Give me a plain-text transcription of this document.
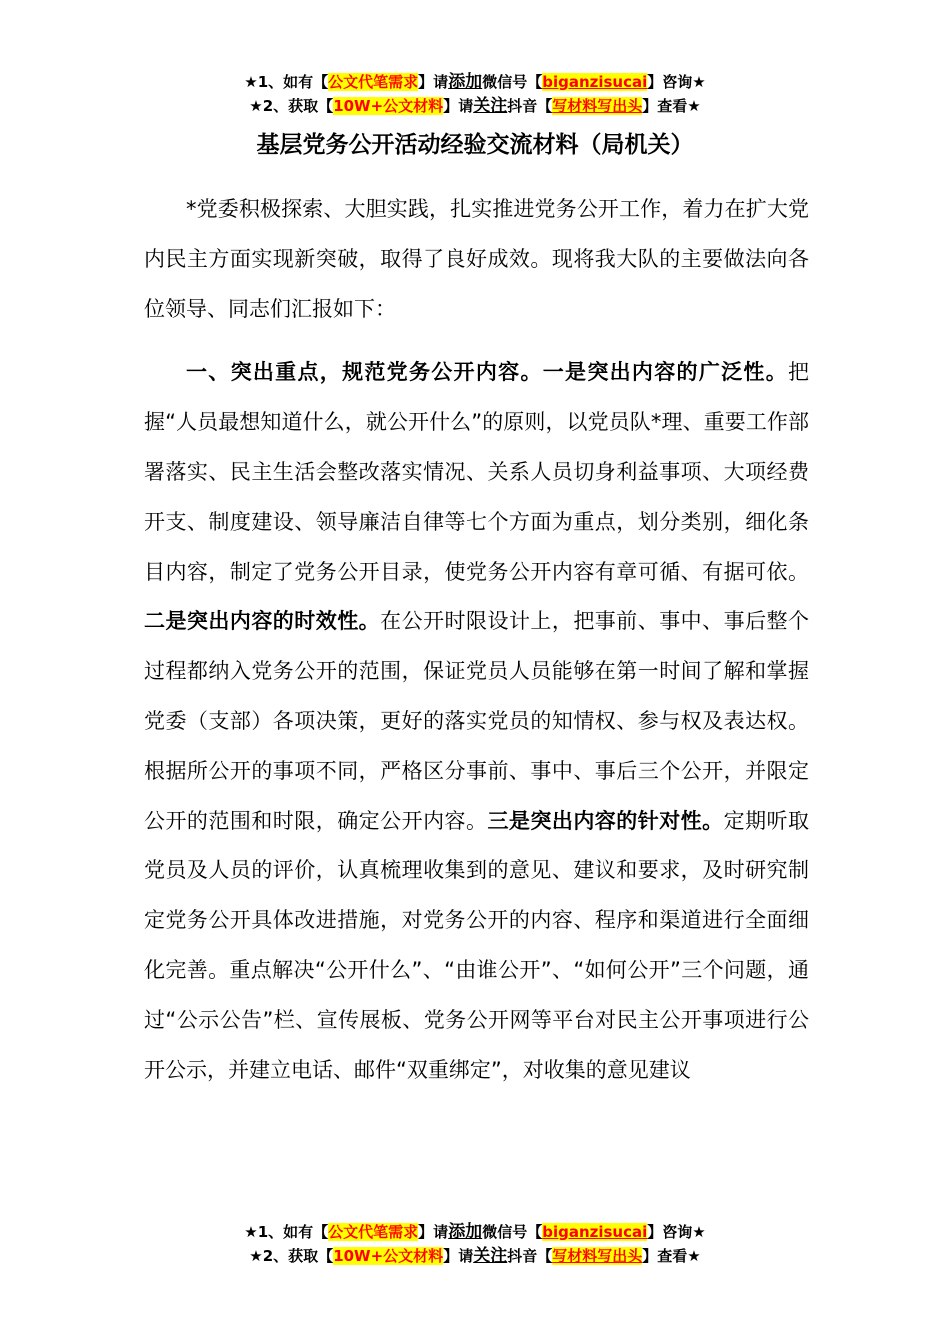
★1、如有【公文代笔需求】请添加微信号【biganzisucai】咨询★
★2、获取【10W+公文材料】请关注抖音【写材料写出头】查看★
基层党务公开活动经验交流材料（局机关）

*党委积极探索、大胆实践，扎实推进党务公开工作，着力在扩大党内民主方面实现新突破，取得了良好成效。现将我大队的主要做法向各位领导、同志们汇报如下：

一、突出重点，规范党务公开内容。一是突出内容的广泛性。把握“人员最想知道什么，就公开什么”的原则，以党员队*理、重要工作部署落实、民主生活会整改落实情况、关系人员切身利益事项、大项经费开支、制度建设、领导廉洁自律等七个方面为重点，划分类别，细化条目内容，制定了党务公开目录，使党务公开内容有章可循、有据可依。二是突出内容的时效性。在公开时限设计上，把事前、事中、事后整个过程都纳入党务公开的范围，保证党员人员能够在第一时间了解和掌握党委（支部）各项决策，更好的落实党员的知情权、参与权及表达权。根据所公开的事项不同，严格区分事前、事中、事后三个公开，并限定公开的范围和时限，确定公开内容。三是突出内容的针对性。定期听取党员及人员的评价，认真梳理收集到的意见、建议和要求，及时研究制定党务公开具体改进措施，对党务公开的内容、程序和渠道进行全面细化完善。重点解决“公开什么”、“由谁公开”、“如何公开”三个问题，通过“公示公告”栏、宣传展板、党务公开网等平台对民主公开事项进行公开公示，并建立电话、邮件“双重绑定”，对收集的意见建议

★1、如有【公文代笔需求】请添加微信号【biganzisucai】咨询★
★2、获取【10W+公文材料】请关注抖音【写材料写出头】查看★
